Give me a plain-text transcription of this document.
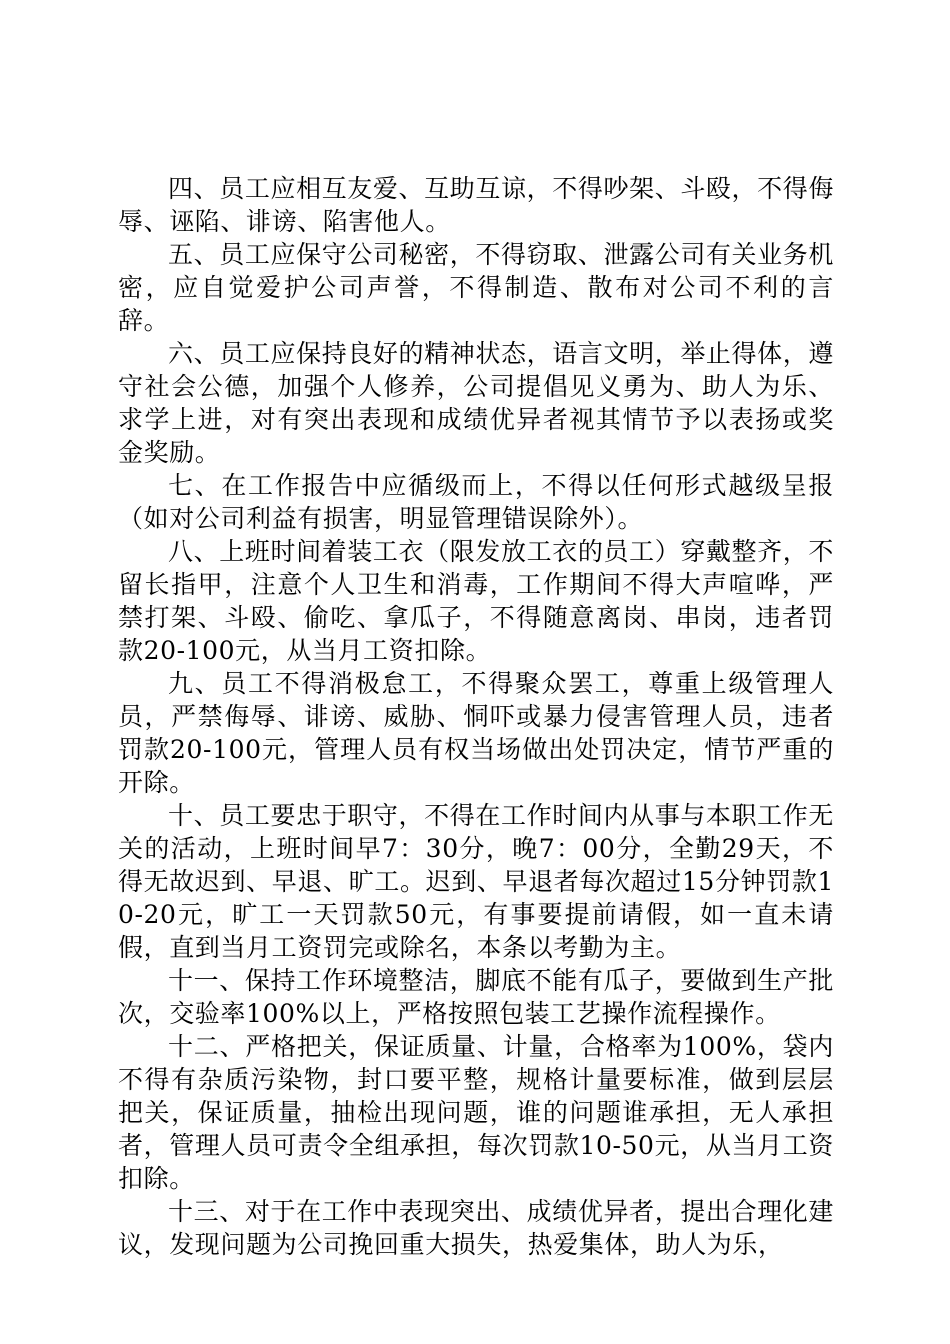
四、员工应相互友爱、互助互谅，不得吵架、斗殴，不得侮辱、诬陷、诽谤、陷害他人。

五、员工应保守公司秘密，不得窃取、泄露公司有关业务机密，应自觉爱护公司声誉，不得制造、散布对公司不利的言辞。

六、员工应保持良好的精神状态，语言文明，举止得体，遵守社会公德，加强个人修养，公司提倡见义勇为、助人为乐、求学上进，对有突出表现和成绩优异者视其情节予以表扬或奖金奖励。

七、在工作报告中应循级而上，不得以任何形式越级呈报（如对公司利益有损害，明显管理错误除外）。

八、上班时间着装工衣（限发放工衣的员工）穿戴整齐，不留长指甲，注意个人卫生和消毒，工作期间不得大声喧哗，严禁打架、斗殴、偷吃、拿瓜子，不得随意离岗、串岗，违者罚款20-100元，从当月工资扣除。

九、员工不得消极怠工，不得聚众罢工，尊重上级管理人员，严禁侮辱、诽谤、威胁、恫吓或暴力侵害管理人员，违者罚款20-100元，管理人员有权当场做出处罚决定，情节严重的开除。

十、员工要忠于职守，不得在工作时间内从事与本职工作无关的活动，上班时间早7：30分，晚7：00分，全勤29天，不得无故迟到、早退、旷工。迟到、早退者每次超过15分钟罚款10-20元，旷工一天罚款50元，有事要提前请假，如一直未请假，直到当月工资罚完或除名，本条以考勤为主。

十一、保持工作环境整洁，脚底不能有瓜子，要做到生产批次，交验率100%以上，严格按照包装工艺操作流程操作。

十二、严格把关，保证质量、计量，合格率为100%，袋内不得有杂质污染物，封口要平整，规格计量要标准，做到层层把关，保证质量，抽检出现问题，谁的问题谁承担，无人承担者，管理人员可责令全组承担，每次罚款10-50元，从当月工资扣除。

十三、对于在工作中表现突出、成绩优异者，提出合理化建议，发现问题为公司挽回重大损失，热爱集体，助人为乐，
